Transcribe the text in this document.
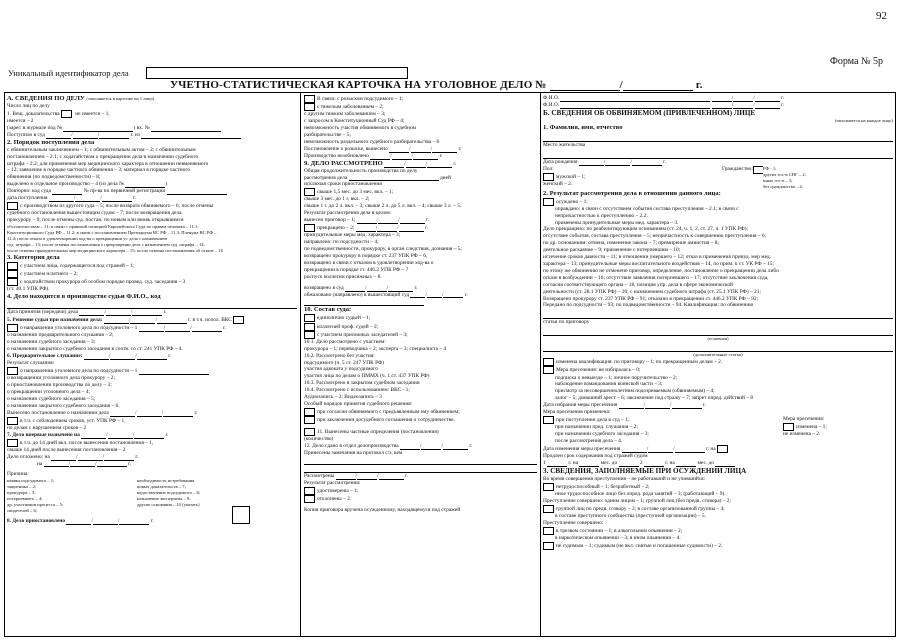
92
Форма № 5р
Уникальный идентификатор дела
УЧЕТНО-СТАТИСТИЧЕСКАЯ КАРТОЧКА НА УГОЛОВНОЕ ДЕЛО №	/	г.
А. СВЕДЕНИЯ ПО ДЕЛУ (заполняется в карточке на 1 лицо)
Число лиц по делу
1. Вещ. доказательства	не имеется – 1,
имеется – 2
(зарег. в журнале под №	) вх. №
Поступило в суд	/	/	г. из
2. Порядок поступления дела
с обвинительным заключением – 1; с обвинительным актом – 2; с обвинительным
постановлением – 2.1; с ходатайством о прекращении дела и назначении судебного
штрафа – 2.2; для применения мер медицинского характера в отношении невменяемого
– 12; заявление в порядке частного обвинения – 3; материал в порядке частного
обвинения (по подведомственности) – 8;
выделено в отдельное производство – 4 (из дела №	)
Повторно: код суда	№ пр-ва по первичной регистрации
дата поступления	/	/	г.
с производством из другого суда – 5; после возврата обвиняемого – 6; после отмены
судебного постановления вышестоящим судом – 7; после возвращения дела
прокурору – 9; после отмены суд. постан. по новым или вновь открывшимся
обстоятельствам – 11; в связи с правовой позицией Европейского Суда по правам человека – 11.1;
Конституционного Суда РФ – 11.2; в связи с постановлением Президиума ВС РФ – 11.3; Пленума ВС РФ –
11.4; после отказа в удовлетворении ход-ва о прекращении уг. дела с назначением
суд. штрафа – 13; после отмены постановления о прекращении дела с назначением суд. штрафа – 14;
после отмены принудительных мер медицинского характера – 15; после отмены постановления об отказе – 16
3. Категория дела
с участием лица, содержащегося под стражей – 1;
с участием н/летнего – 2;
с ходатайством прокурора об особом порядке провед. суд. заседания – 3
(ст. 40.1 УПК РФ).
4. Дело находится в производстве судьи Ф.И.О., код
Дата принятия (передачи) дела	/	/	г.
5. Решение судьи при назначении дела:	/	/	г. в т.ч. испол. ВКС
о направлении уголовного дела по подсудности – 1	/	/	г.
о назначении предварительного слушания – 2;
о назначении судебного заседания – 3;
о назначении закрытого судебного заседания в соотв. со ст. 241 УПК РФ – 4.
6. Предварительное слушание:	/	/	г.
Результат слушания:
о направлении уголовного дела по подсудности – 1
о возвращении уголовного дела прокурору – 2;
о приостановлении производства по делу – 3;
о прекращении уголовного дела – 4;
о назначении судебного заседания – 5;
о назначении закрытого судебного заседания – 6.
Вынесено постановление о назначении дела	/	/	г.
в т.ч. с соблюдением сроков, уст. УПК РФ – 1,
по делам с нарушением сроков – 2
7. Дело впервые назначено на	/	/	г.
в т.ч. до 14 дней вкл. после вынесения постановления – 1,
свыше 14 дней после вынесения постановления – 2
Дело отложено: на	/	/	г.
на	/	/	г.
Причина:
неявка подсудимого – 1;
защитника – 2;
прокурора – 3;
потерпевшего – 4;
др. участников процесса – 5;
свидетелей – 6;
необходимость истребования
новых доказательств – 7;
недоставление подсудимого – 8;
назначение экспертизы – 9;
другие основания – 10 (указать)
8. Дело приостановлено	/	/	г.
В связи: с розыском подсудимого – 1;
с тяжелым заболеванием – 2;
с другим тяжким заболеванием – 3;
с запросом в Конституционный Суд РФ – 4;
невозможность участия обвиняемого в судебном
разбирательстве – 5;
невозможность раздельного судебного разбирательства – 6
Постановление о розыске, вынесено	/	/	г.
Производство возобновлено	/	/	г.
9. ДЕЛО РАССМОТРЕНО	/	/	г.
Общая продолжительность производства по делу
рассмотрения дела	дней
исключая сроки приостановления
свыше 1,5 мес. до 3 мес. вкл. – 1;
свыше 3 мес. до 1 г. вкл. – 2;
свыше 1 г. до 2 л. вкл. – 3; свыше 2 л. до 5 л. вкл. – 4; свыше 3 л. – 5.
Результат рассмотрения дела в целом:
вынесен приговор – 1;	/	/	г.
прекращено – 2;	/	/	г.
принудительные меры мед. характера – 3;
направлено: по подсудности – 4;
по подведомственности, прокурору, в орган следствия, дознания – 5;
возвращено прокурору в порядке ст. 237 УПК РФ – 6,
возвращено в связи с отказом в удовлетворении ход-ва о
прекращении в порядке ст. 446.2 УПК РФ – 7
роспуск коллегии присяжных – 8.
возвращено в суд	/	/	г.
обжаловано (направлено) в вышестоящий суд	/	/	г.
10. Состав суда:
единолично судьей – 1;
коллегией проф. судей – 2;
с участием присяжных заседателей – 3;
10.1. Дело рассмотрено с участием:
прокурора – 1; переводчика – 2; эксперта – 3; специалиста – 4
10.2. Рассмотрено без участия:
подсудимого (ч. 5 ст. 247 УПК РФ)
участия адвоката у подсудимого
участия лица по делам о ПММХ (ч. 1 ст. 437 УПК РФ)
10.3. Рассмотрено в закрытом судебном заседании
10.4. Рассмотрено с использованием: ВКС - 1;
Аудиозапись – 2; Видеозапись – 3
Особый порядок принятия судебного решения:
при согласии обвиняемого с предъявленным ему обвинением;
при заключении досудебного соглашения о сотрудничестве.
11. Вынесены частные определения (постановления)
(количество)
12. Дело сдано в отдел делопроизводства	/	/	г.
Принесены замечания на протокол с/з, кем
Рассмотрены	/	/	г.
Результат рассмотрения:
удостоверены – 1;
отклонены – 2.
Копия приговора вручена осужденному, находящемуся под стражей
Ф.И.О.	/	/	г.
Ф.И.О.	/	/	г.
Б. СВЕДЕНИЯ ОБ ОБВИНЯЕМОМ (ПРИВЛЕЧЕННОМ) ЛИЦЕ
(заполняется на каждое лицо)
1. Фамилия, имя, отчество
Место жительства
Дата рождения	/	/	г.
Пол:
мужской – 1;
женский – 2.
Гражданство: РФ - 1;
других гос-в СНГ – 2;
иных гос-в – 3;
без гражданства – 4.
2. Результат рассмотрения дела в отношении данного лица:
осуждено – 1;
оправдано: в связи с отсутствием события состава преступления – 2.1; в связи с
непричастностью к преступлению – 2.2;
применены принудительные меры мед. характера – 3.
Дело прекращено: по реабилитирующим основаниям (ст. 24, ч. 1, 2, ст. 27, ч. 1 УПК РФ):
отсутствие события, состава преступления – 5; непричастность к совершению преступления – 6;
по др. основаниям: отмена, изменение закона – 7; примирение амнистия – 8;
деятельное раскаяние – 9; применение с потерпевшим – 10;
истечение сроков давности – 11; в отношении умершего – 12; отказ в применения принуд. мер мед.
характера – 13; принудительные меры воспитательного воздействия – 14, по прим. к ст. УК РФ – 15;
по этому же обвинению не отменено приговор, определение, постановление о прекращении дела либо
отказе в возбуждении – 16; отсутствие заявления потерпевшего – 17; отсутствие заключения суда,
согласия соответствующего органа – 18, позиция упр. дела в сфере экономической
деятельности (ст. 28.1 УПК РФ) – 20; с назначением судебного штрафа (ст. 25.1 УПК РФ) – 21;
Возвращено прокурору ст. 237 УПК РФ – 91; отказано в прекращении ст. 446.2 УПК РФ – 92;
Передано по подсудности – 93; по подведомственности – 94. Квалификация: по обвинению
статья по приговору
(основная)
(дополнительные статьи)
изменена квалификация: по приговору – 1; по прекращенным делам – 2.
Мера пресечения: не избиралась – 0;
подписка о невыезде – 1; личное поручительство – 2;
наблюдение командования воинской части – 3;
присмотр за несовершеннолетним подозреваемым (обвиняемым) – 4;
залог – 5; домашний арест – 6; заключение под стражу – 7; запрет опред. действий – 8
Дата избрания меры пресечения	/	/	г.
Мера пресечения применена:
при поступлении дела в суд – 1;
при назначении пред. слушания – 2;
при назначении судебного заседания – 3;
после рассмотрения дела – 4.
Мера пресечения:
изменена – 1;
не изменена – 2.
Дата изменения меры пресечения	/	/	г. на
Продлен срок содержания под стражей судом
1	г. на	мес. до	2	г. на	мес. до
3. СВЕДЕНИЯ, ЗАПОЛНЯЕМЫЕ ПРИ ОСУЖДЕНИИ ЛИЦА
Во время совершения преступления – не работавший и не учившийся:
нетрудоспособный – 1; безработный – 2;
иное трудоспособное лицо без опред. рода занятий – 3; (работающий – 9).
Преступление совершено: одним лицом – 1; группой лиц (без предв. сговора) – 2;
группой лиц по предв. сговору – 3; в составе организованной группы – 4;
в составе преступного сообщества (преступной организации) – 5.
Преступление совершено:
в трезвом состоянии – 1; в алкогольном опьянении – 2;
в наркотическом опьянении – 3; в ином опьянении – 4.
не судимым – 1; судимым (не вкл. снятые и погашенные судимости) – 2.
